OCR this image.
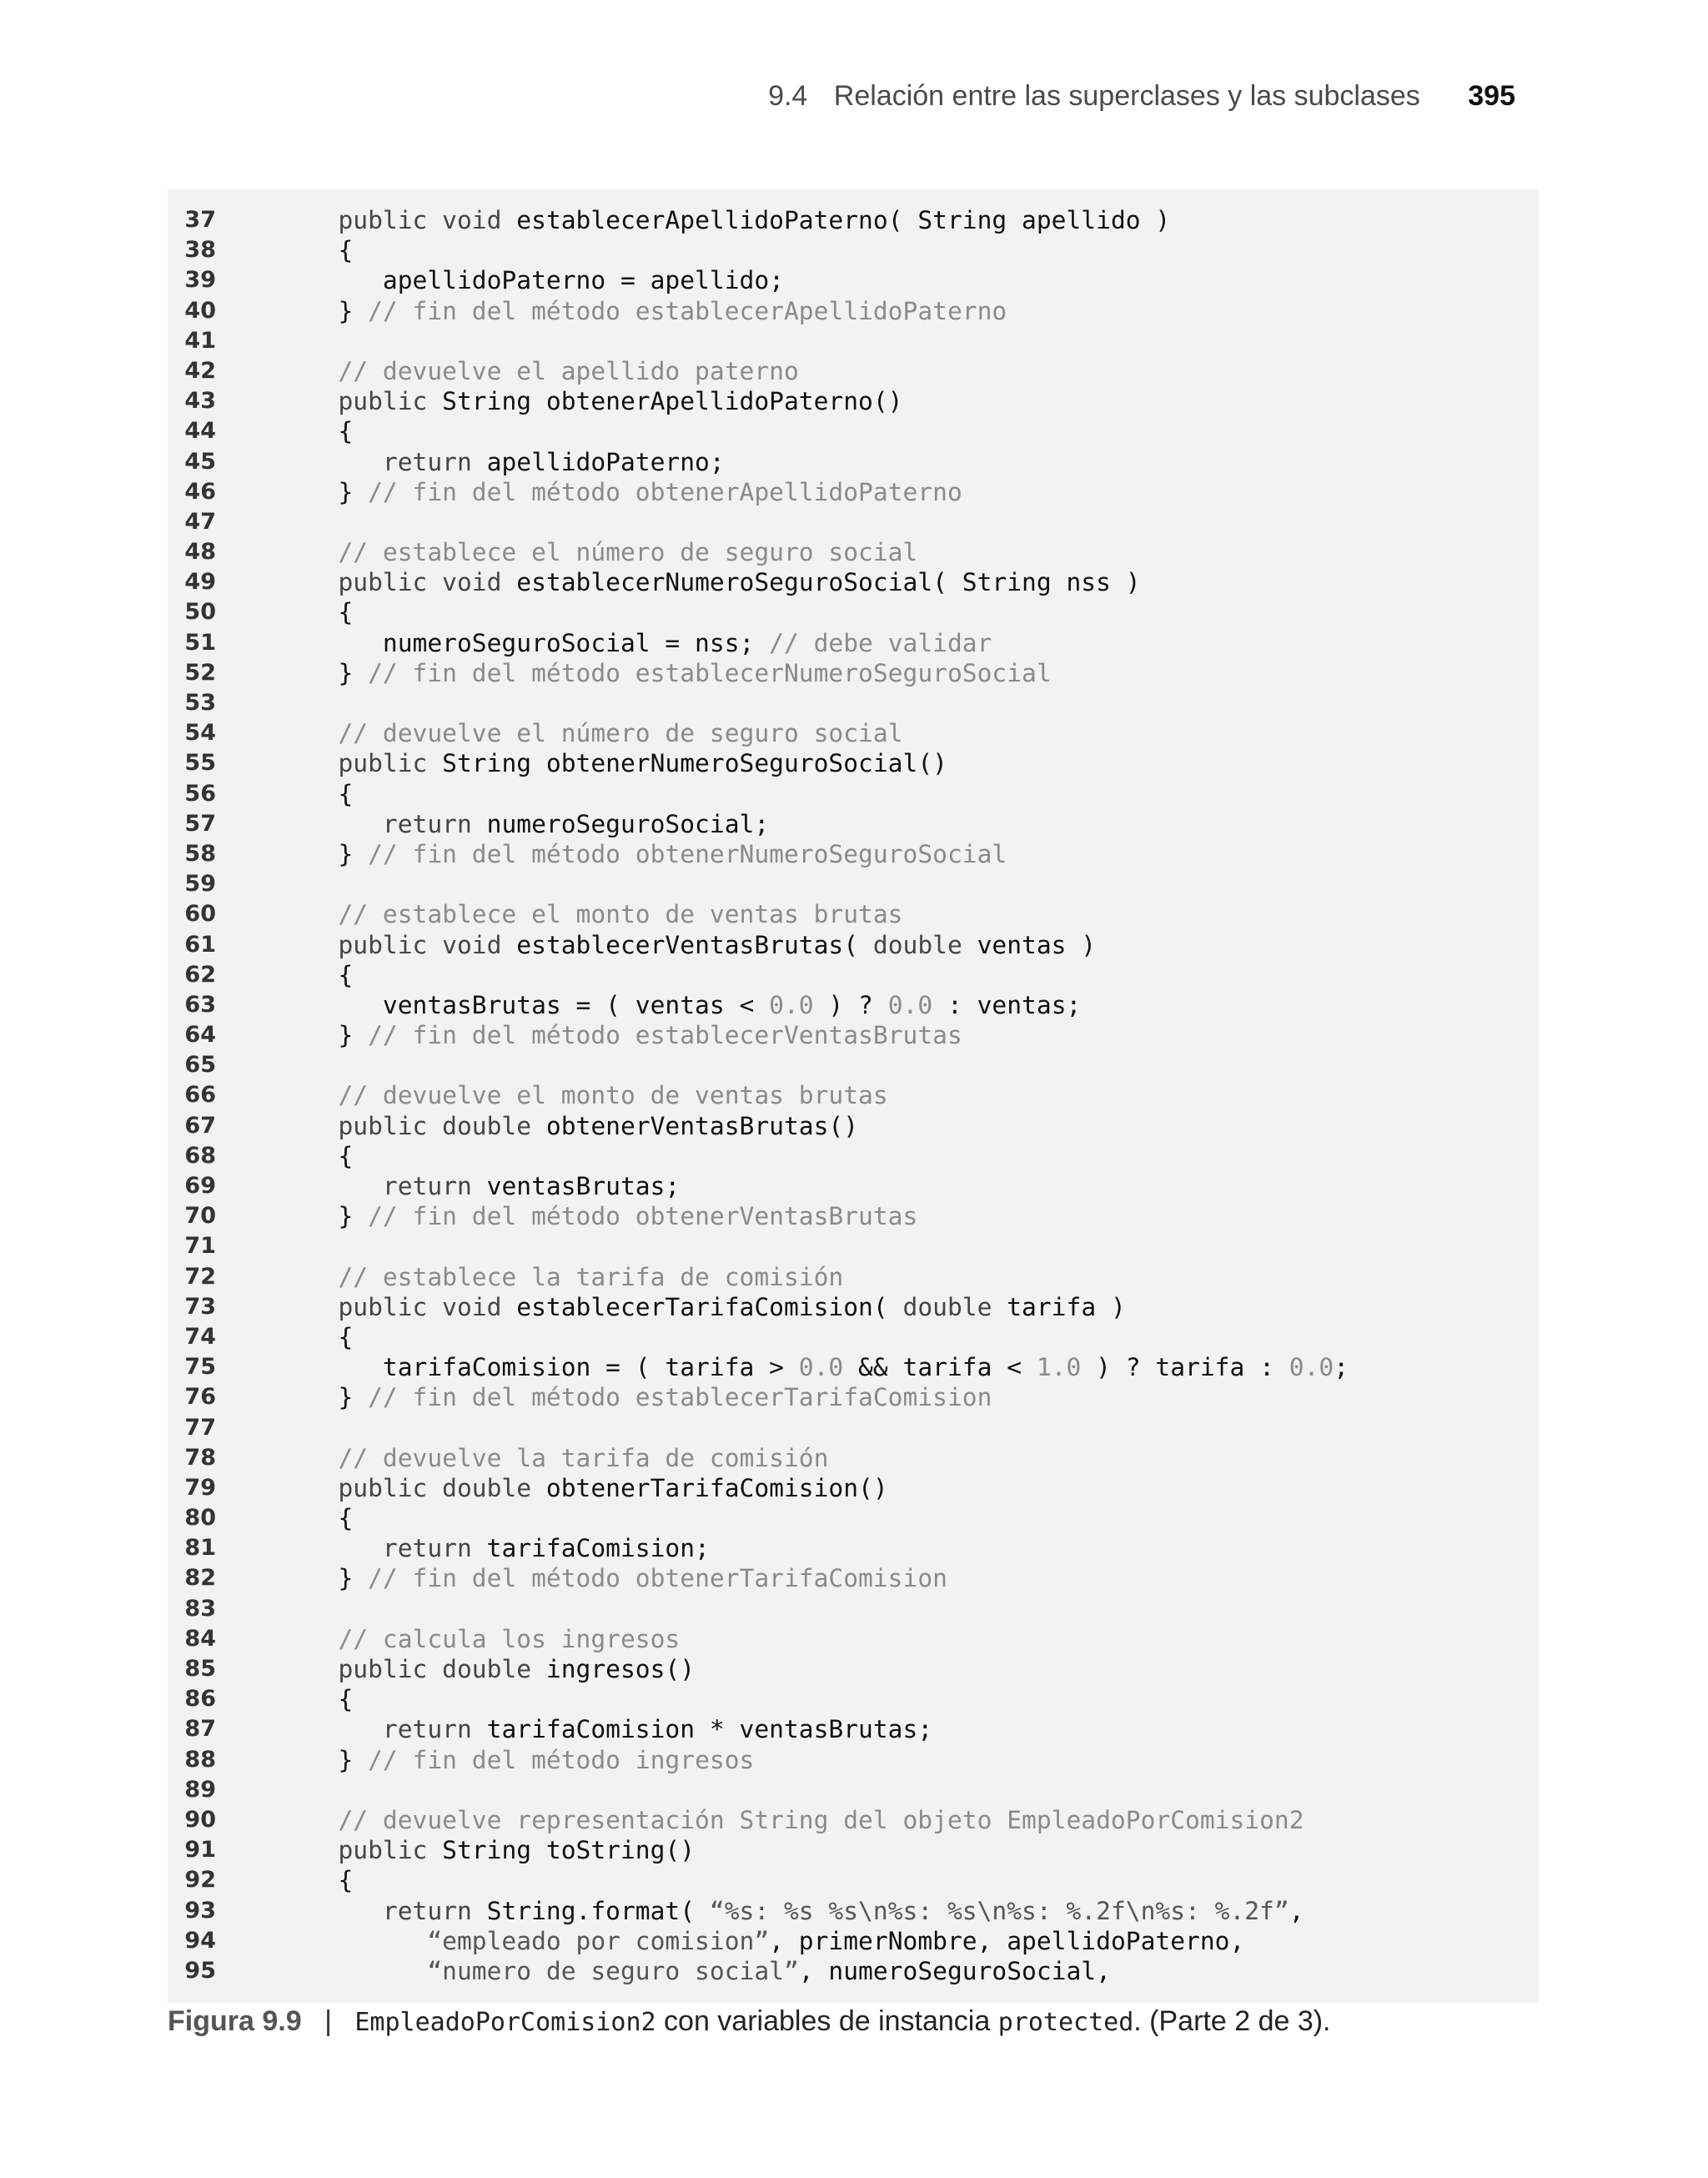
9.4 Relación entre las superclases y las subclases 395
37	public void establecerApellidoPaterno( String apellido )
38	{
39	apellidoPaterno = apellido;
40	} // fin del método establecerApellidoPaterno
41
42	// devuelve el apellido paterno
43	public String obtenerApellidoPaterno()
44	{
45	return apellidoPaterno;
46	} // fin del método obtenerApellidoPaterno
47
48	// establece el número de seguro social
49	public void establecerNumeroSeguroSocial( String nss )
50	{
51	numeroSeguroSocial = nss; // debe validar
52	} // fin del método establecerNumeroSeguroSocial
53
54	// devuelve el número de seguro social
55	public String obtenerNumeroSeguroSocial()
56	{
57	return numeroSeguroSocial;
58	} // fin del método obtenerNumeroSeguroSocial
59
60	// establece el monto de ventas brutas
61	public void establecerVentasBrutas( double ventas )
62	{
63	ventasBrutas = ( ventas < 0.0 ) ? 0.0 : ventas;
64	} // fin del método establecerVentasBrutas
65
66	// devuelve el monto de ventas brutas
67	public double obtenerVentasBrutas()
68	{
69	return ventasBrutas;
70	} // fin del método obtenerVentasBrutas
71
72	// establece la tarifa de comisión
73	public void establecerTarifaComision( double tarifa )
74	{
75	tarifaComision = ( tarifa > 0.0 && tarifa < 1.0 ) ? tarifa : 0.0;
76	} // fin del método establecerTarifaComision
77
78	// devuelve la tarifa de comisión
79	public double obtenerTarifaComision()
80	{
81	return tarifaComision;
82	} // fin del método obtenerTarifaComision
83
84	// calcula los ingresos
85	public double ingresos()
86	{
87	return tarifaComision * ventasBrutas;
88	} // fin del método ingresos
89
90	// devuelve representación String del objeto EmpleadoPorComision2
91	public String toString()
92	{
93	return String.format( “%s: %s %s\n%s: %s\n%s: %.2f\n%s: %.2f”,
94	“empleado por comision”, primerNombre, apellidoPaterno,
95	“numero de seguro social”, numeroSeguroSocial,
Figura 9.9 | EmpleadoPorComision2 con variables de instancia protected. (Parte 2 de 3).
